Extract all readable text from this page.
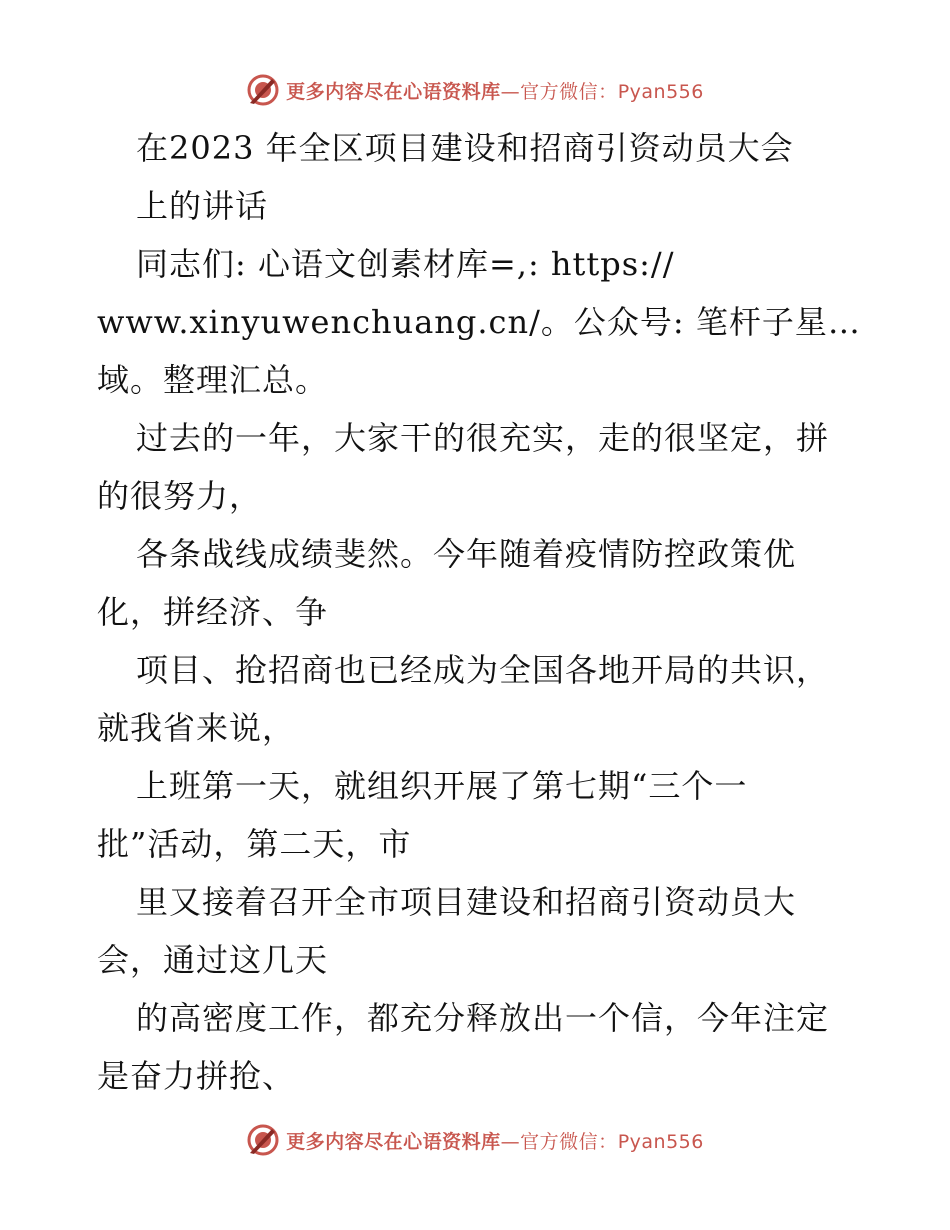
更多内容尽在心语资料库—官方微信：Pyan556
在2023 年全区项目建设和招商引资动员大会
上的讲话
同志们: 心语文创素材库=,: https://
www.xinyuwenchuang.cn/。公众号: 笔杆子星…
域。整理汇总。
过去的一年，大家干的很充实，走的很坚定，拼
的很努力，
各条战线成绩斐然。今年随着疫情防控政策优
化，拼经济、争
项目、抢招商也已经成为全国各地开局的共识，
就我省来说，
上班第一天，就组织开展了第七期“三个一
批”活动，第二天，市
里又接着召开全市项目建设和招商引资动员大
会，通过这几天
的高密度工作，都充分释放出一个信，今年注定
是奋力拼抢、
更多内容尽在心语资料库—官方微信：Pyan556
